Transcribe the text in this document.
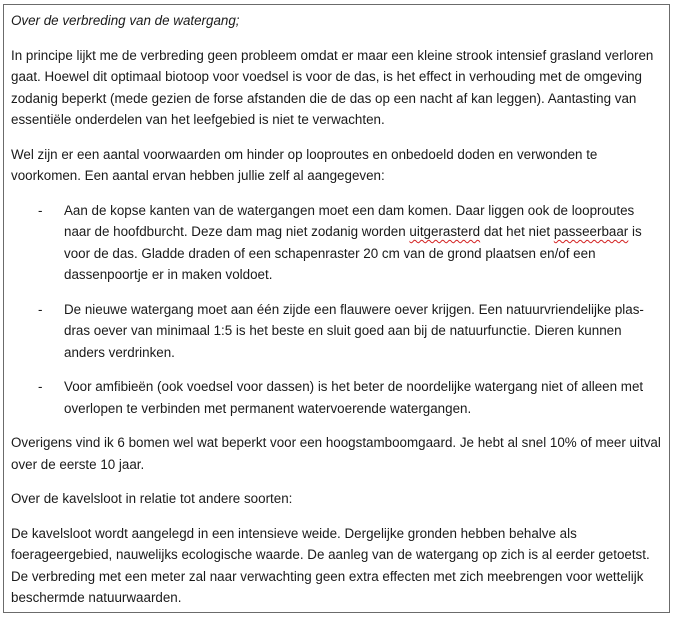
Over de verbreding van de watergang;

In principe lijkt me de verbreding geen probleem omdat er maar een kleine strook intensief grasland verloren gaat. Hoewel dit optimaal biotoop voor voedsel is voor de das, is het effect in verhouding met de omgeving zodanig beperkt (mede gezien de forse afstanden die de das op een nacht af kan leggen). Aantasting van essentiële onderdelen van het leefgebied is niet te verwachten.

Wel zijn er een aantal voorwaarden om hinder op looproutes en onbedoeld doden en verwonden te voorkomen. Een aantal ervan hebben jullie zelf al aangegeven:

- Aan de kopse kanten van de watergangen moet een dam komen. Daar liggen ook de looproutes naar de hoofdburcht. Deze dam mag niet zodanig worden uitgerasterd dat het niet passeerbaar is voor de das. Gladde draden of een schapenraster 20 cm van de grond plaatsen en/of een dassenpoortje er in maken voldoet.
- De nieuwe watergang moet aan één zijde een flauwere oever krijgen. Een natuurvriendelijke plas-dras oever van minimaal 1:5 is het beste en sluit goed aan bij de natuurfunctie. Dieren kunnen anders verdrinken.
- Voor amfibieën (ook voedsel voor dassen) is het beter de noordelijke watergang niet of alleen met overlopen te verbinden met permanent watervoerende watergangen.

Overigens vind ik 6 bomen wel wat beperkt voor een hoogstamboomgaard. Je hebt al snel 10% of meer uitval over de eerste 10 jaar.

Over de kavelsloot in relatie tot andere soorten:

De kavelsloot wordt aangelegd in een intensieve weide. Dergelijke gronden hebben behalve als foerageergebied, nauwelijks ecologische waarde. De aanleg van de watergang op zich is al eerder getoetst. De verbreding met een meter zal naar verwachting geen extra effecten met zich meebrengen voor wettelijk beschermde natuurwaarden.
